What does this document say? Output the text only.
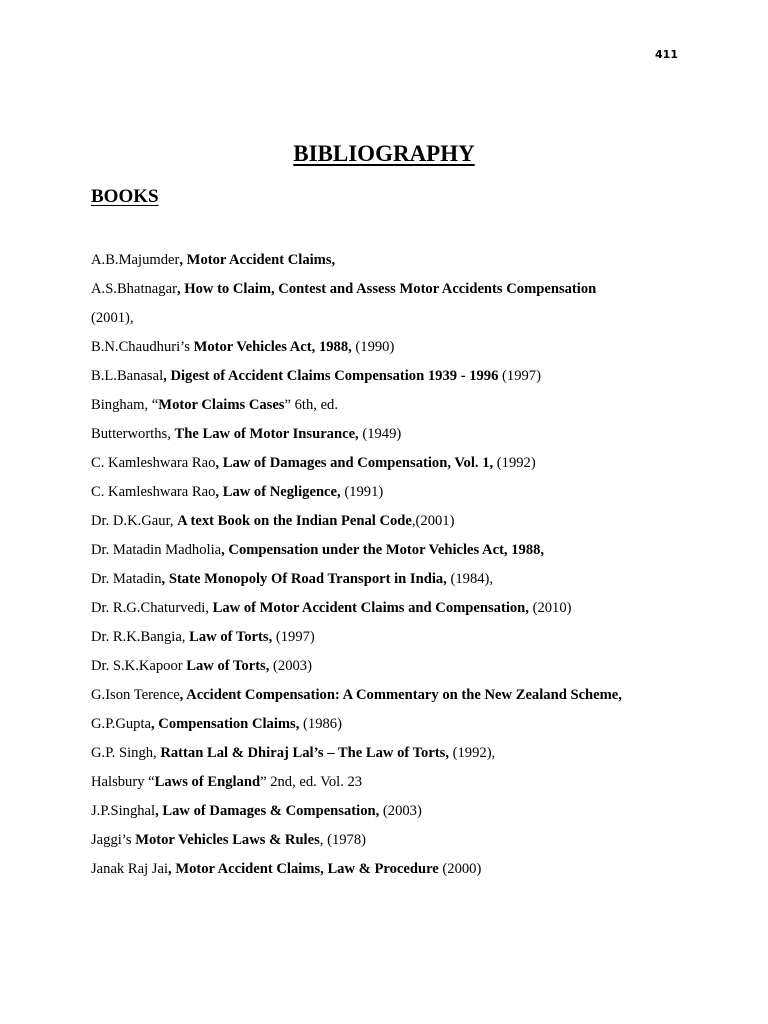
411
BIBLIOGRAPHY
BOOKS
A.B.Majumder, Motor Accident Claims,
A.S.Bhatnagar, How to Claim, Contest and Assess Motor Accidents Compensation
(2001),
B.N.Chaudhuri’s Motor Vehicles Act, 1988, (1990)
B.L.Banasal, Digest of Accident Claims Compensation 1939 - 1996 (1997)
Bingham, “Motor Claims Cases” 6th, ed.
Butterworths, The Law of Motor Insurance, (1949)
C. Kamleshwara Rao, Law of Damages and Compensation, Vol. 1, (1992)
C. Kamleshwara Rao, Law of Negligence, (1991)
Dr. D.K.Gaur, A text Book on the Indian Penal Code,(2001)
Dr. Matadin Madholia, Compensation under the Motor Vehicles Act, 1988,
Dr. Matadin, State Monopoly Of Road Transport in India, (1984),
Dr. R.G.Chaturvedi, Law of Motor Accident Claims and Compensation, (2010)
Dr. R.K.Bangia, Law of Torts, (1997)
Dr. S.K.Kapoor Law of Torts, (2003)
G.Ison Terence, Accident Compensation: A Commentary on the New Zealand Scheme,
G.P.Gupta, Compensation Claims, (1986)
G.P. Singh, Rattan Lal & Dhiraj Lal’s – The Law of Torts, (1992),
Halsbury “Laws of England” 2nd, ed. Vol. 23
J.P.Singhal, Law of Damages & Compensation, (2003)
Jaggi’s Motor Vehicles Laws & Rules, (1978)
Janak Raj Jai, Motor Accident Claims, Law & Procedure (2000)
